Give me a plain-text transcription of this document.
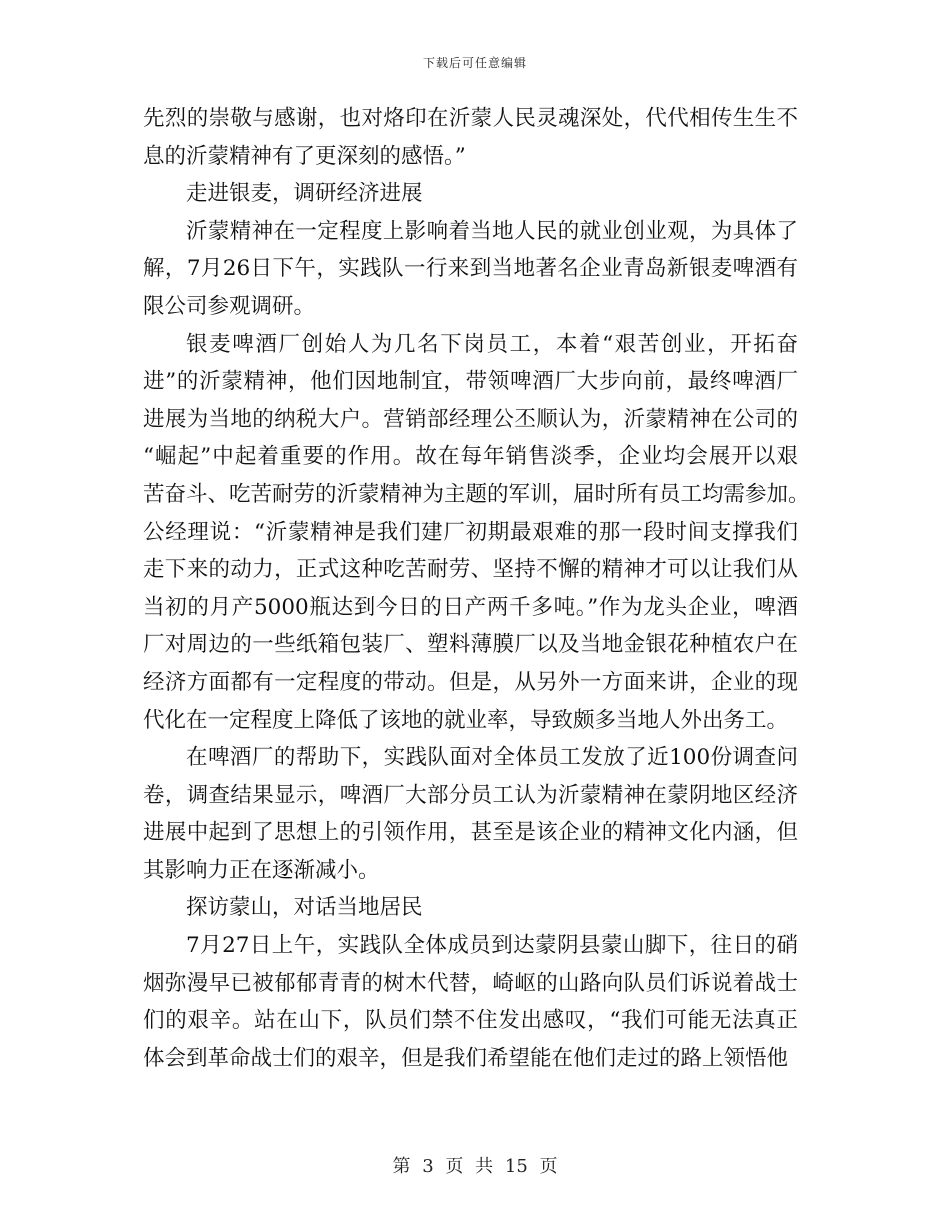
下载后可任意编辑
先烈的崇敬与感谢，也对烙印在沂蒙人民灵魂深处，代代相传生生不
息的沂蒙精神有了更深刻的感悟。”
走进银麦，调研经济进展
沂蒙精神在一定程度上影响着当地人民的就业创业观，为具体了
解，7月26日下午，实践队一行来到当地著名企业青岛新银麦啤酒有
限公司参观调研。
银麦啤酒厂创始人为几名下岗员工，本着“艰苦创业，开拓奋
进”的沂蒙精神，他们因地制宜，带领啤酒厂大步向前，最终啤酒厂
进展为当地的纳税大户。营销部经理公丕顺认为，沂蒙精神在公司的
“崛起”中起着重要的作用。故在每年销售淡季，企业均会展开以艰
苦奋斗、吃苦耐劳的沂蒙精神为主题的军训，届时所有员工均需参加。
公经理说：“沂蒙精神是我们建厂初期最艰难的那一段时间支撑我们
走下来的动力，正式这种吃苦耐劳、坚持不懈的精神才可以让我们从
当初的月产5000瓶达到今日的日产两千多吨。”作为龙头企业，啤酒
厂对周边的一些纸箱包装厂、塑料薄膜厂以及当地金银花种植农户在
经济方面都有一定程度的带动。但是，从另外一方面来讲，企业的现
代化在一定程度上降低了该地的就业率，导致颇多当地人外出务工。
在啤酒厂的帮助下，实践队面对全体员工发放了近100份调查问
卷，调查结果显示，啤酒厂大部分员工认为沂蒙精神在蒙阴地区经济
进展中起到了思想上的引领作用，甚至是该企业的精神文化内涵，但
其影响力正在逐渐减小。
探访蒙山，对话当地居民
7月27日上午，实践队全体成员到达蒙阴县蒙山脚下，往日的硝
烟弥漫早已被郁郁青青的树木代替，崎岖的山路向队员们诉说着战士
们的艰辛。站在山下，队员们禁不住发出感叹，“我们可能无法真正
体会到革命战士们的艰辛，但是我们希望能在他们走过的路上领悟他
第 3 页 共 15 页
